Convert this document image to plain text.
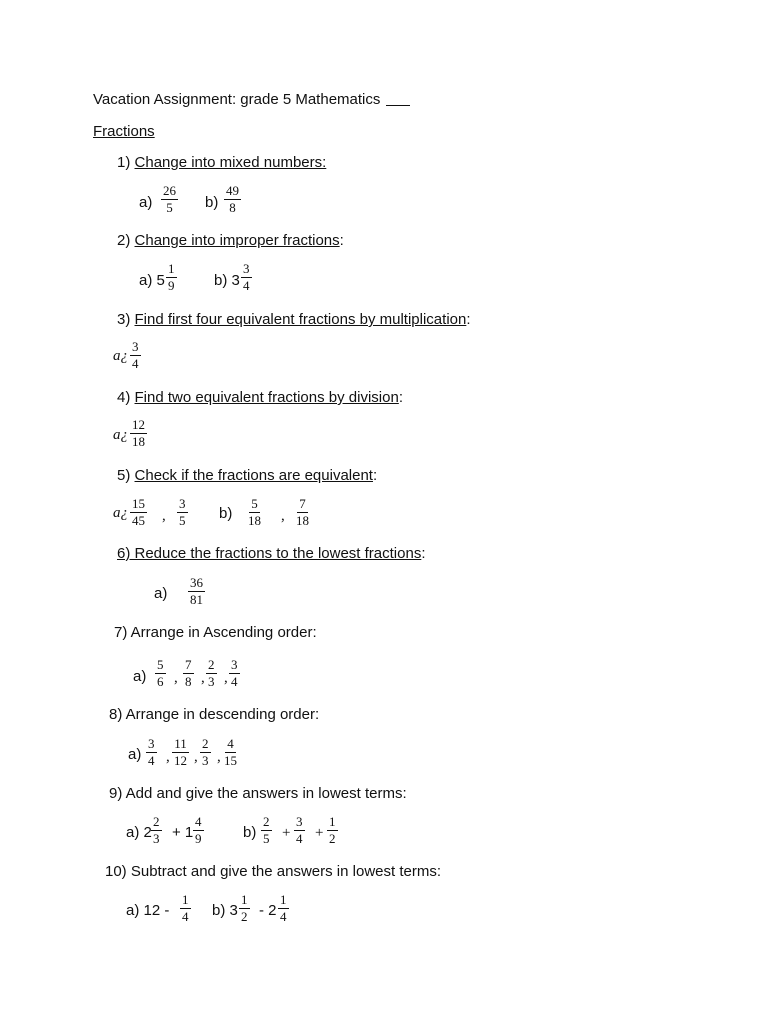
Vacation Assignment: grade 5 Mathematics
Fractions
1) Change into mixed numbers:
$a) \frac{26}{5} b) \frac{49}{8}$
2) Change into improper fractions:
a) $5 \frac{1}{9}$	b) $3 \frac{3}{4}$
3) Find first four equivalent fractions by multiplication:
a¿ $\frac{3}{4}$
4) Find two equivalent fractions by division:
a¿ $\frac{12}{18}$
5) Check if the fractions are equivalent:
a¿ $\frac{15}{45}$ , $\frac{3}{5} b) \frac{5}{18}$ , $\frac{7}{18}$
6) Reduce the fractions to the lowest fractions:
$a) \frac{36}{81}$
7) Arrange in Ascending order:
$a) \frac{5}{6}$ , $\frac{7}{8}$ , $\frac{2}{3}$ , $\frac{3}{4}$
8) Arrange in descending order:
$a) \frac{3}{4}$ , $\frac{11}{12}$ , $\frac{2}{3}$ , $\frac{4}{15}$
9) Add and give the answers in lowest terms:
a) $2 \frac{2}{3} + 1 \frac{4}{9}$	$b) \frac{2}{5} + \frac{3}{4} + \frac{1}{2}$
10) Subtract and give the answers in lowest terms:
a) $12 - \frac{1}{4} b$) $3 \frac{1}{2} - 2 \frac{1}{4}$
